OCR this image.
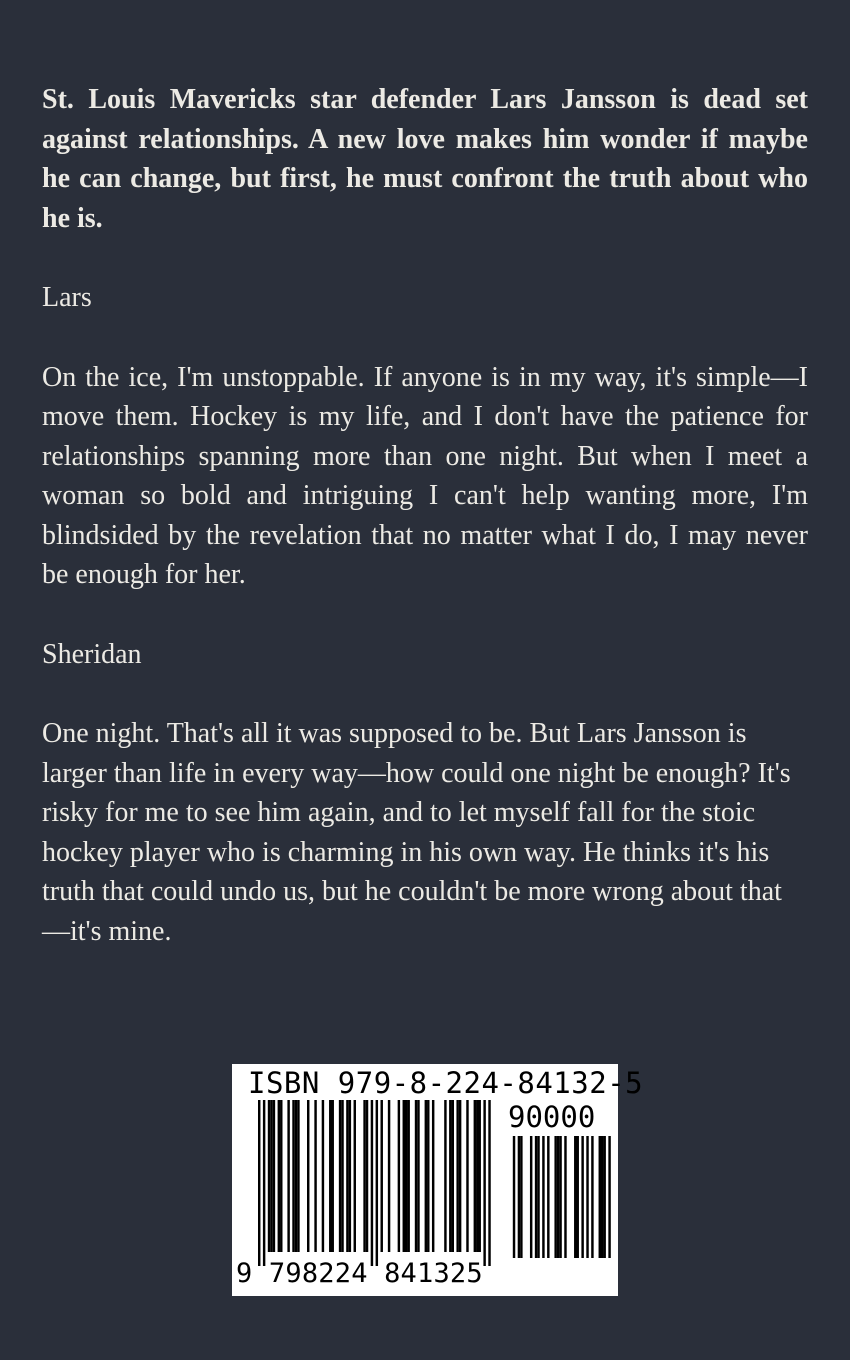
St. Louis Mavericks star defender Lars Jansson is dead set against relationships. A new love makes him wonder if maybe he can change, but first, he must confront the truth about who he is.

Lars

On the ice, I'm unstoppable. If anyone is in my way, it's simple—I move them. Hockey is my life, and I don't have the patience for relationships spanning more than one night. But when I meet a woman so bold and intriguing I can't help wanting more, I'm blindsided by the revelation that no matter what I do, I may never be enough for her.

Sheridan

One night. That's all it was supposed to be. But Lars Jansson is larger than life in every way—how could one night be enough? It's risky for me to see him again, and to let myself fall for the stoic hockey player who is charming in his own way. He thinks it's his truth that could undo us, but he couldn't be more wrong about that—it's mine.

ISBN 979-8-224-84132-5
90000
9 798224 841325
